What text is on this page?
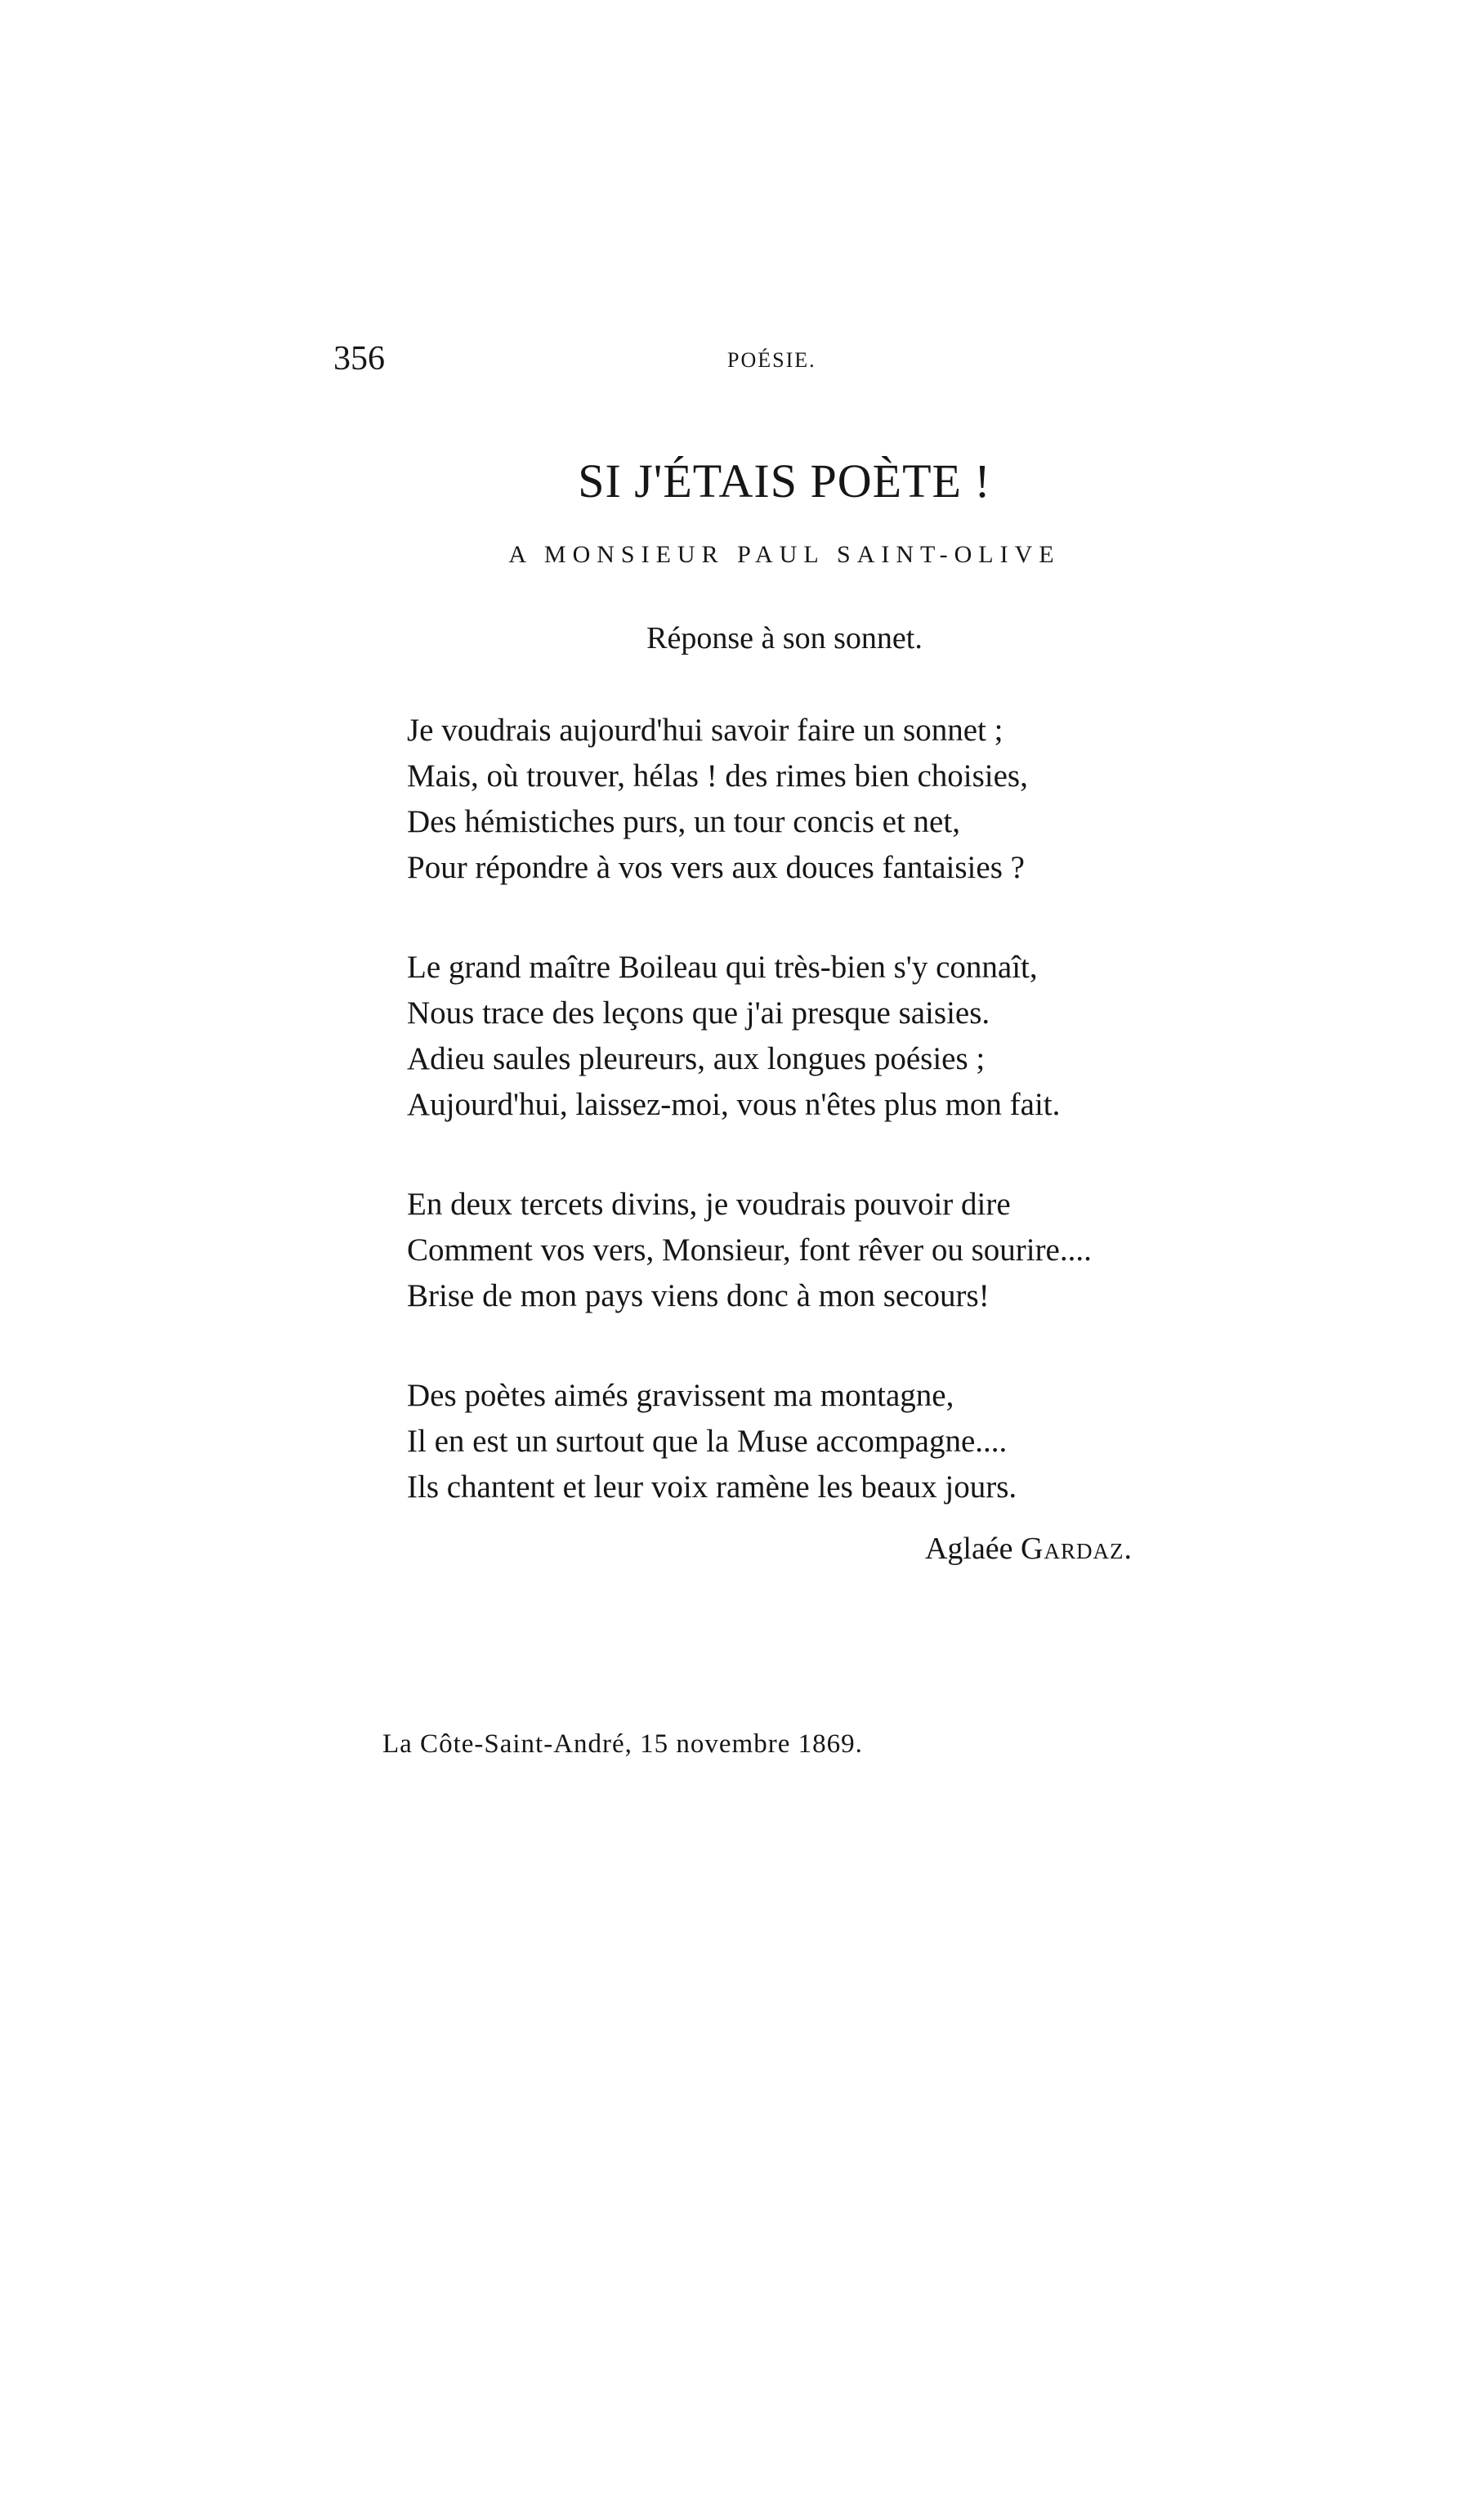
356	POÉSIE.
SI J'ÉTAIS POÈTE !
A MONSIEUR PAUL SAINT-OLIVE
Réponse à son sonnet.
Je voudrais aujourd'hui savoir faire un sonnet ;
Mais, où trouver, hélas ! des rimes bien choisies,
Des hémistiches purs, un tour concis et net,
Pour répondre à vos vers aux douces fantaisies ?
Le grand maître Boileau qui très-bien s'y connaît,
Nous trace des leçons que j'ai presque saisies.
Adieu saules pleureurs, aux longues poésies ;
Aujourd'hui, laissez-moi, vous n'êtes plus mon fait.
En deux tercets divins, je voudrais pouvoir dire
Comment vos vers, Monsieur, font rêver ou sourire....
Brise de mon pays viens donc à mon secours!
Des poètes aimés gravissent ma montagne,
Il en est un surtout que la Muse accompagne....
Ils chantent et leur voix ramène les beaux jours.
Aglaée Gardaz.
La Côte-Saint-André, 15 novembre 1869.
